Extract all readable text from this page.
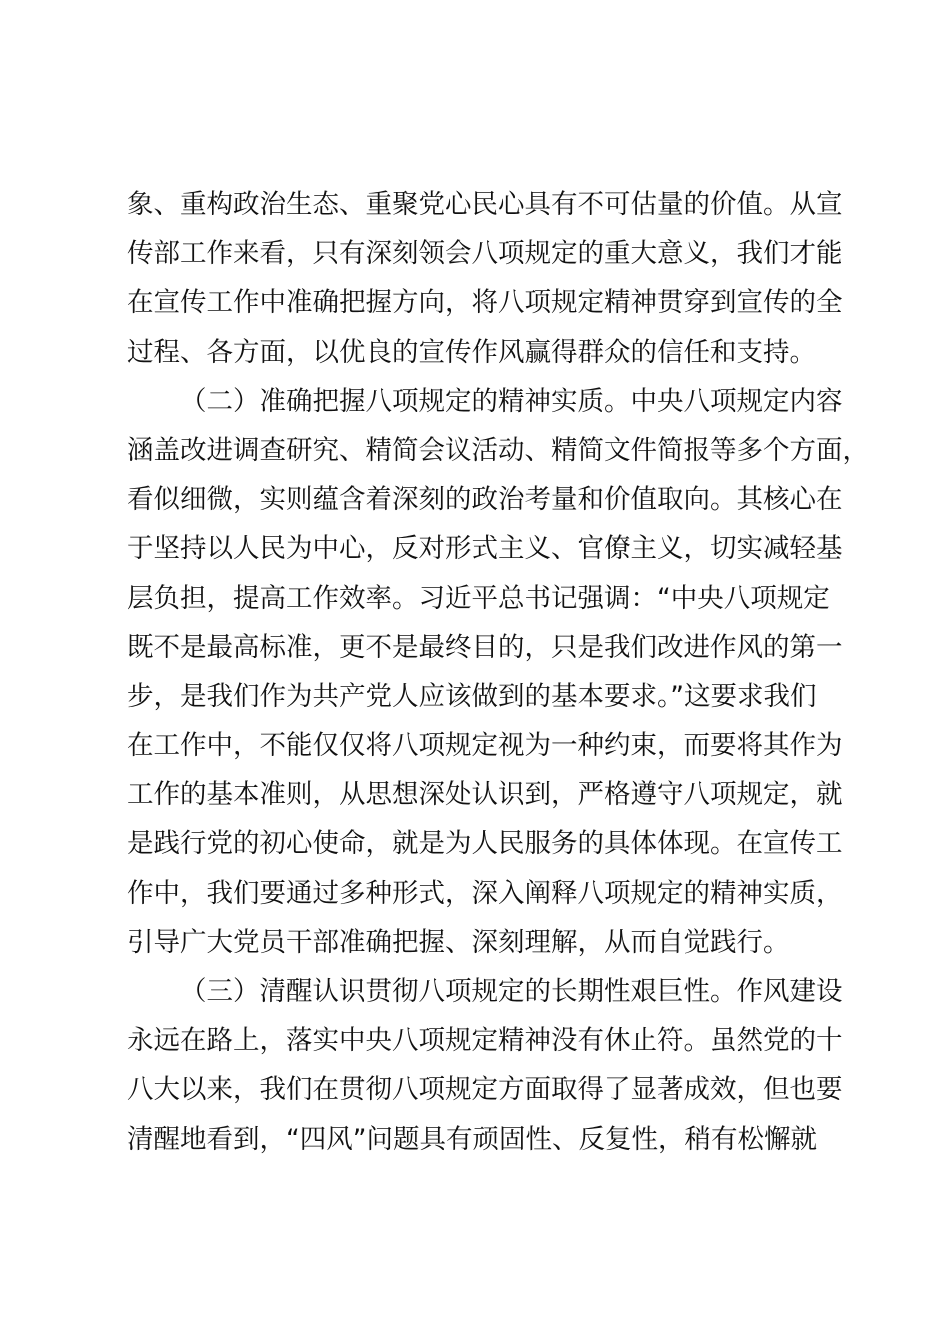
象、重构政治生态、重聚党心民心具有不可估量的价值。从宣
传部工作来看，只有深刻领会八项规定的重大意义，我们才能
在宣传工作中准确把握方向，将八项规定精神贯穿到宣传的全
过程、各方面，以优良的宣传作风赢得群众的信任和支持。
（二）准确把握八项规定的精神实质。中央八项规定内容
涵盖改进调查研究、精简会议活动、精简文件简报等多个方面，
看似细微，实则蕴含着深刻的政治考量和价值取向。其核心在
于坚持以人民为中心，反对形式主义、官僚主义，切实减轻基
层负担，提高工作效率。习近平总书记强调：“中央八项规定
既不是最高标准，更不是最终目的，只是我们改进作风的第一
步，是我们作为共产党人应该做到的基本要求。”这要求我们
在工作中，不能仅仅将八项规定视为一种约束，而要将其作为
工作的基本准则，从思想深处认识到，严格遵守八项规定，就
是践行党的初心使命，就是为人民服务的具体体现。在宣传工
作中，我们要通过多种形式，深入阐释八项规定的精神实质，
引导广大党员干部准确把握、深刻理解，从而自觉践行。
（三）清醒认识贯彻八项规定的长期性艰巨性。作风建设
永远在路上，落实中央八项规定精神没有休止符。虽然党的十
八大以来，我们在贯彻八项规定方面取得了显著成效，但也要
清醒地看到，“四风”问题具有顽固性、反复性，稍有松懈就
